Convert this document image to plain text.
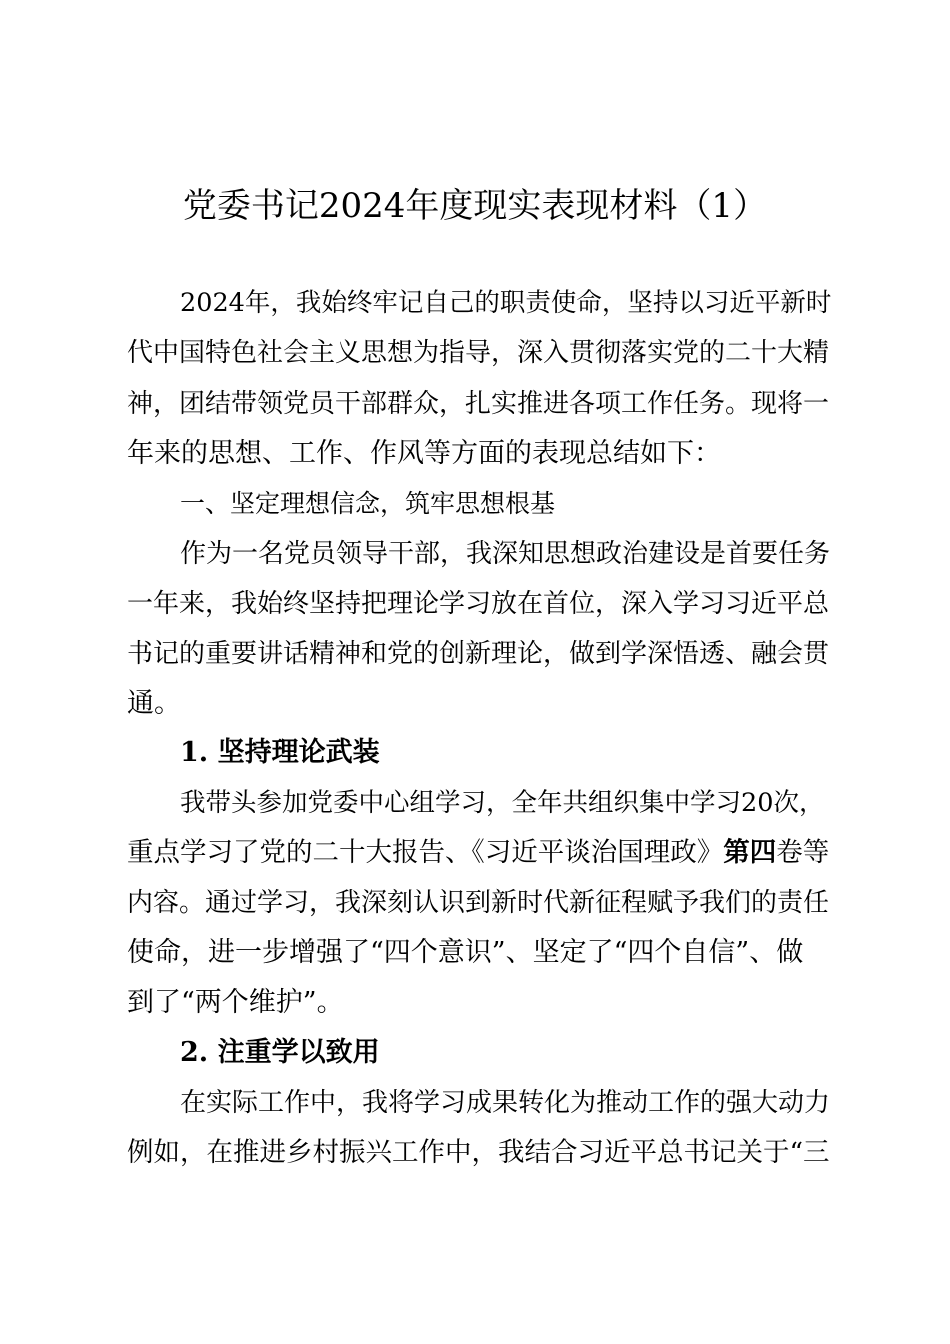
党委书记2024年度现实表现材料（1）
2024年，我始终牢记自己的职责使命，坚持以习近平新时
代中国特色社会主义思想为指导，深入贯彻落实党的二十大精
神，团结带领党员干部群众，扎实推进各项工作任务。现将一
年来的思想、工作、作风等方面的表现总结如下：
一、坚定理想信念，筑牢思想根基
作为一名党员领导干部，我深知思想政治建设是首要任务
一年来，我始终坚持把理论学习放在首位，深入学习习近平总
书记的重要讲话精神和党的创新理论，做到学深悟透、融会贯
通。
1. 坚持理论武装
我带头参加党委中心组学习，全年共组织集中学习20次，
重点学习了党的二十大报告、《习近平谈治国理政》第四卷等
内容。通过学习，我深刻认识到新时代新征程赋予我们的责任
使命，进一步增强了“四个意识”、坚定了“四个自信”、做
到了“两个维护”。
2. 注重学以致用
在实际工作中，我将学习成果转化为推动工作的强大动力
例如，在推进乡村振兴工作中，我结合习近平总书记关于“三
